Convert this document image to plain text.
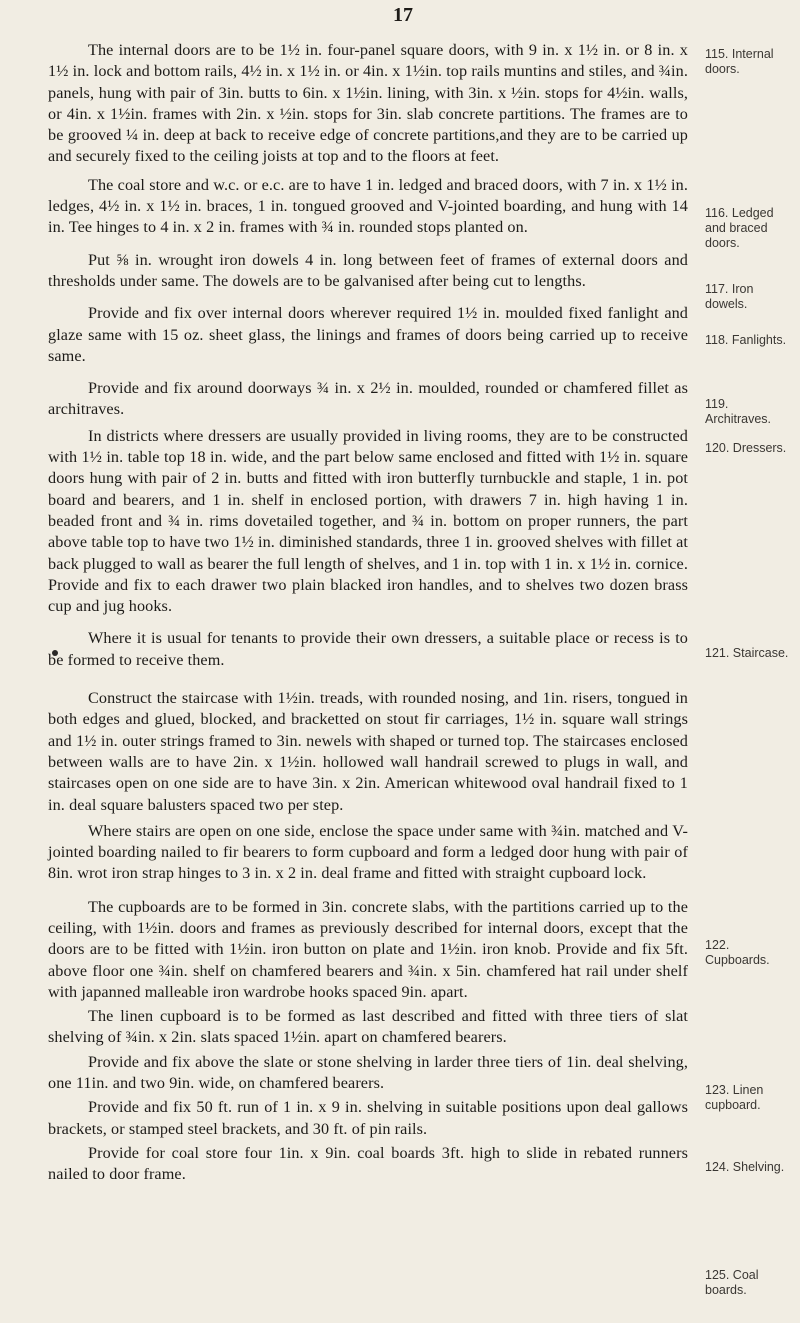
17

The internal doors are to be 1½ in. four-panel square doors, with 9 in. x 1½ in. or 8 in. x 1½ in. lock and bottom rails, 4½ in. x 1½ in. or 4in. x 1½in. top rails muntins and stiles, and ¾in. panels, hung with pair of 3in. butts to 6in. x 1½in. lining, with 3in. x ½in. stops for 4½in. walls, or 4in. x 1½in. frames with 2in. x ½in. stops for 3in. slab concrete partitions. The frames are to be grooved ¼ in. deep at back to receive edge of concrete partitions,and they are to be carried up and securely fixed to the ceiling joists at top and to the floors at feet.

The coal store and w.c. or e.c. are to have 1 in. ledged and braced doors, with 7 in. x 1½ in. ledges, 4½ in. x 1½ in. braces, 1 in. tongued grooved and V-jointed boarding, and hung with 14 in. Tee hinges to 4 in. x 2 in. frames with ¾ in. rounded stops planted on.

Put ⅝ in. wrought iron dowels 4 in. long between feet of frames of external doors and thresholds under same. The dowels are to be galvanised after being cut to lengths.

Provide and fix over internal doors wherever required 1½ in. moulded fixed fanlight and glaze same with 15 oz. sheet glass, the linings and frames of doors being carried up to receive same.

Provide and fix around doorways ¾ in. x 2½ in. moulded, rounded or chamfered fillet as architraves.

In districts where dressers are usually provided in living rooms, they are to be constructed with 1½ in. table top 18 in. wide, and the part below same enclosed and fitted with 1½ in. square doors hung with pair of 2 in. butts and fitted with iron butterfly turnbuckle and staple, 1 in. pot board and bearers, and 1 in. shelf in enclosed portion, with drawers 7 in. high having 1 in. beaded front and ¾ in. rims dovetailed together, and ¾ in. bottom on proper runners, the part above table top to have two 1½ in. diminished standards, three 1 in. grooved shelves with fillet at back plugged to wall as bearer the full length of shelves, and 1 in. top with 1 in. x 1½ in. cornice. Provide and fix to each drawer two plain blacked iron handles, and to shelves two dozen brass cup and jug hooks.

Where it is usual for tenants to provide their own dressers, a suitable place or recess is to be formed to receive them.

Construct the staircase with 1½in. treads, with rounded nosing, and 1in. risers, tongued in both edges and glued, blocked, and bracketted on stout fir carriages, 1½ in. square wall strings and 1½ in. outer strings framed to 3in. newels with shaped or turned top. The staircases enclosed between walls are to have 2in. x 1½in. hollowed wall handrail screwed to plugs in wall, and staircases open on one side are to have 3in. x 2in. American whitewood oval handrail fixed to 1 in. deal square balusters spaced two per step.

Where stairs are open on one side, enclose the space under same with ¾in. matched and V-jointed boarding nailed to fir bearers to form cupboard and form a ledged door hung with pair of 8in. wrot iron strap hinges to 3 in. x 2 in. deal frame and fitted with straight cupboard lock.

The cupboards are to be formed in 3in. concrete slabs, with the partitions carried up to the ceiling, with 1½in. doors and frames as previously described for internal doors, except that the doors are to be fitted with 1½in. iron button on plate and 1½in. iron knob. Provide and fix 5ft. above floor one ¾in. shelf on chamfered bearers and ¾in. x 5in. chamfered hat rail under shelf with japanned malleable iron wardrobe hooks spaced 9in. apart.

The linen cupboard is to be formed as last described and fitted with three tiers of slat shelving of ¾in. x 2in. slats spaced 1½in. apart on chamfered bearers.

Provide and fix above the slate or stone shelving in larder three tiers of 1in. deal shelving, one 11in. and two 9in. wide, on chamfered bearers.

Provide and fix 50 ft. run of 1 in. x 9 in. shelving in suitable positions upon deal gallows brackets, or stamped steel brackets, and 30 ft. of pin rails.

Provide for coal store four 1in. x 9in. coal boards 3ft. high to slide in rebated runners nailed to door frame.

115. Internal doors.
116. Ledged and braced doors.
117. Iron dowels.
118. Fanlights.
119. Architraves.
120. Dressers.
121. Staircase.
122. Cupboards.
123. Linen cupboard.
124. Shelving.
125. Coal boards.
